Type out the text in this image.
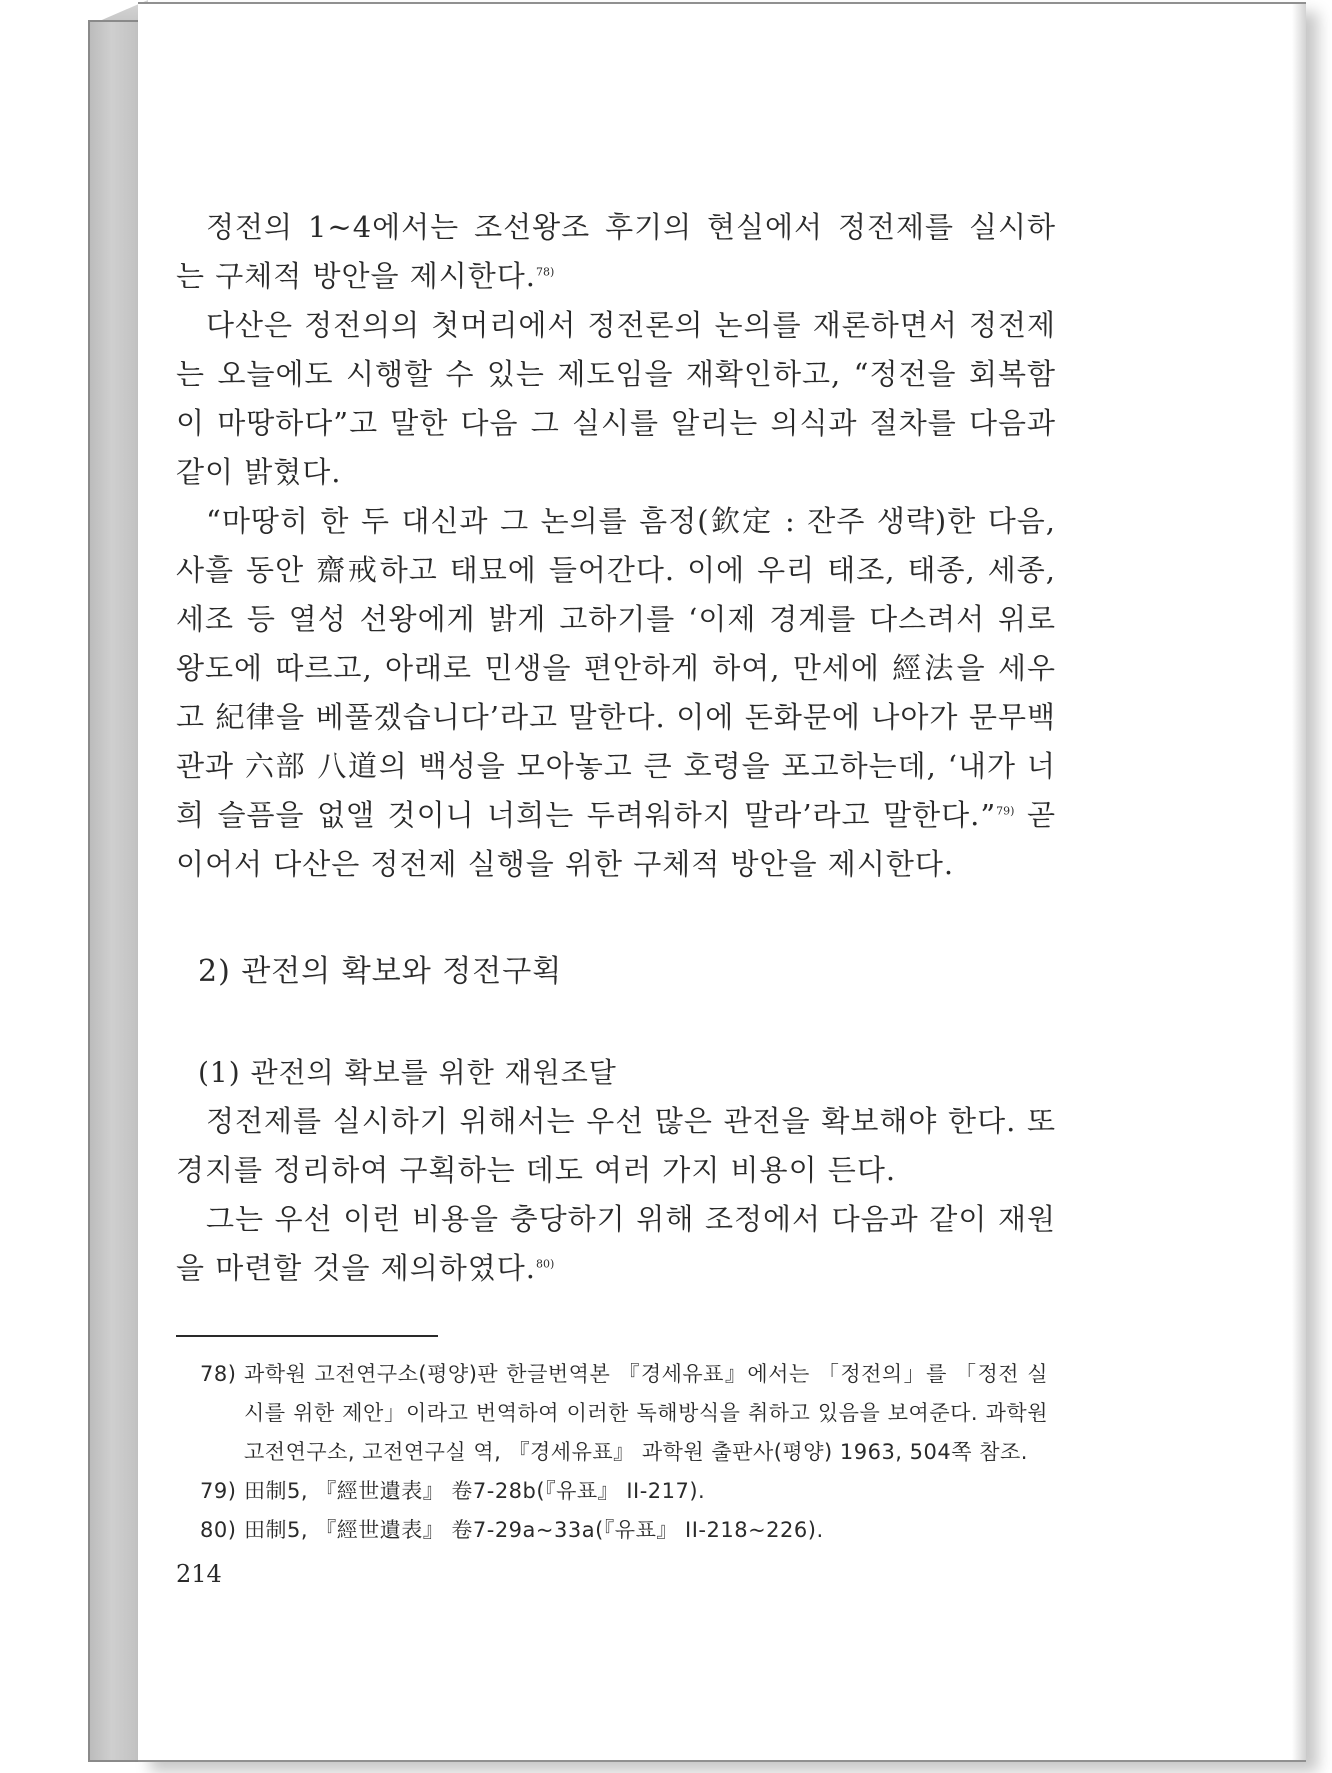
정전의 1~4에서는 조선왕조 후기의 현실에서 정전제를 실시하는 구체적 방안을 제시한다.$^{78)}$

다산은 정전의의 첫머리에서 정전론의 논의를 재론하면서 정전제는 오늘에도 시행할 수 있는 제도임을 재확인하고, “정전을 회복함이 마땅하다”고 말한 다음 그 실시를 알리는 의식과 절차를 다음과 같이 밝혔다.

“마땅히 한 두 대신과 그 논의를 흠정(欽定 : 잔주 생략)한 다음, 사흘 동안 齋戒하고 태묘에 들어간다. 이에 우리 태조, 태종, 세종, 세조 등 열성 선왕에게 밝게 고하기를 ‘이제 경계를 다스려서 위로 왕도에 따르고, 아래로 민생을 편안하게 하여, 만세에 經法을 세우고 紀律을 베풀겠습니다’라고 말한다. 이에 돈화문에 나아가 문무백관과 六部 八道의 백성을 모아놓고 큰 호령을 포고하는데, ‘내가 너희 슬픔을 없앨 것이니 너희는 두려워하지 말라’라고 말한다.”$^{79)}$ 곧 이어서 다산은 정전제 실행을 위한 구체적 방안을 제시한다.

2) 관전의 확보와 정전구획
(1) 관전의 확보를 위한 재원조달

정전제를 실시하기 위해서는 우선 많은 관전을 확보해야 한다. 또 경지를 정리하여 구획하는 데도 여러 가지 비용이 든다.

그는 우선 이런 비용을 충당하기 위해 조정에서 다음과 같이 재원을 마련할 것을 제의하였다.$^{80)}$

78) 과학원 고전연구소(평양)판 한글번역본 『경세유표』에서는 「정전의」를 「정전 실시를 위한 제안」이라고 번역하여 이러한 독해방식을 취하고 있음을 보여준다. 과학원 고전연구소, 고전연구실 역, 『경세유표』 과학원 출판사(평양) 1963, 504쪽 참조.
79) 田制5, 『經世遺表』 卷7-28b(『유표』 II-217).
80) 田制5, 『經世遺表』 卷7-29a~33a(『유표』 II-218~226).
214
